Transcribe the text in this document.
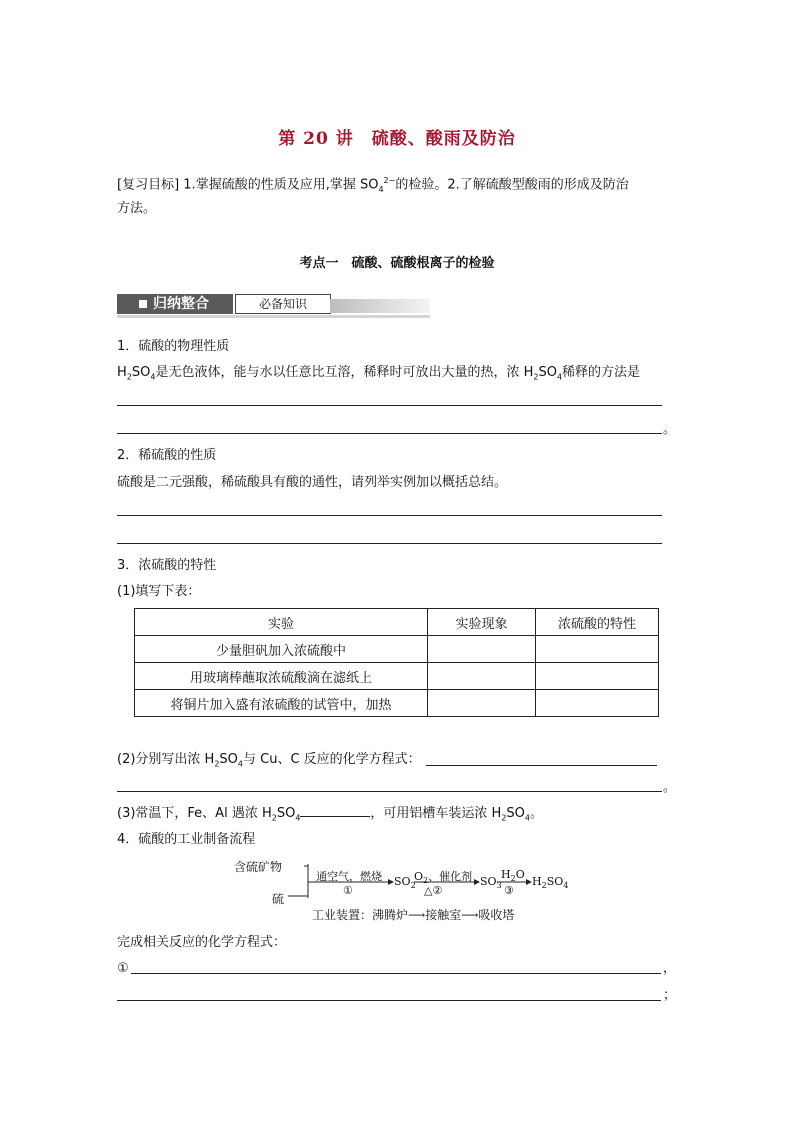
第 20 讲　硫酸、酸雨及防治
[复习目标] 1.掌握硫酸的性质及应用,掌握 $SO_4^{2-}$的检验。2.了解硫酸型酸雨的形成及防治
方法。
考点一　硫酸、硫酸根离子的检验
归纳整合	必备知识
1．硫酸的物理性质
$H_2SO_4$是无色液体，能与水以任意比互溶，稀释时可放出大量的热，浓 $H_2SO_4$稀释的方法是
。
2．稀硫酸的性质
硫酸是二元强酸，稀硫酸具有酸的通性，请列举实例加以概括总结。
3．浓硫酸的特性
(1)填写下表：
实验	实验现象	浓硫酸的特性
少量胆矾加入浓硫酸中		
用玻璃棒蘸取浓硫酸滴在滤纸上		
将铜片加入盛有浓硫酸的试管中，加热		
(2)分别写出浓 $H_2SO_4$与 Cu、C 反应的化学方程式：
。
(3)常温下，Fe、Al 遇浓 $H_2SO_4$	，可用铝槽车装运浓 $H_2SO_4$。
4．硫酸的工业制备流程
含硫矿物
硫
通空气，燃烧
①
$SO_2$
$O_2$、催化剂
△②
$SO_3$
$H_2O$
③
$H_2SO_4$
工业装置：沸腾炉⟶接触室⟶吸收塔
完成相关反应的化学方程式：
①	，
；
